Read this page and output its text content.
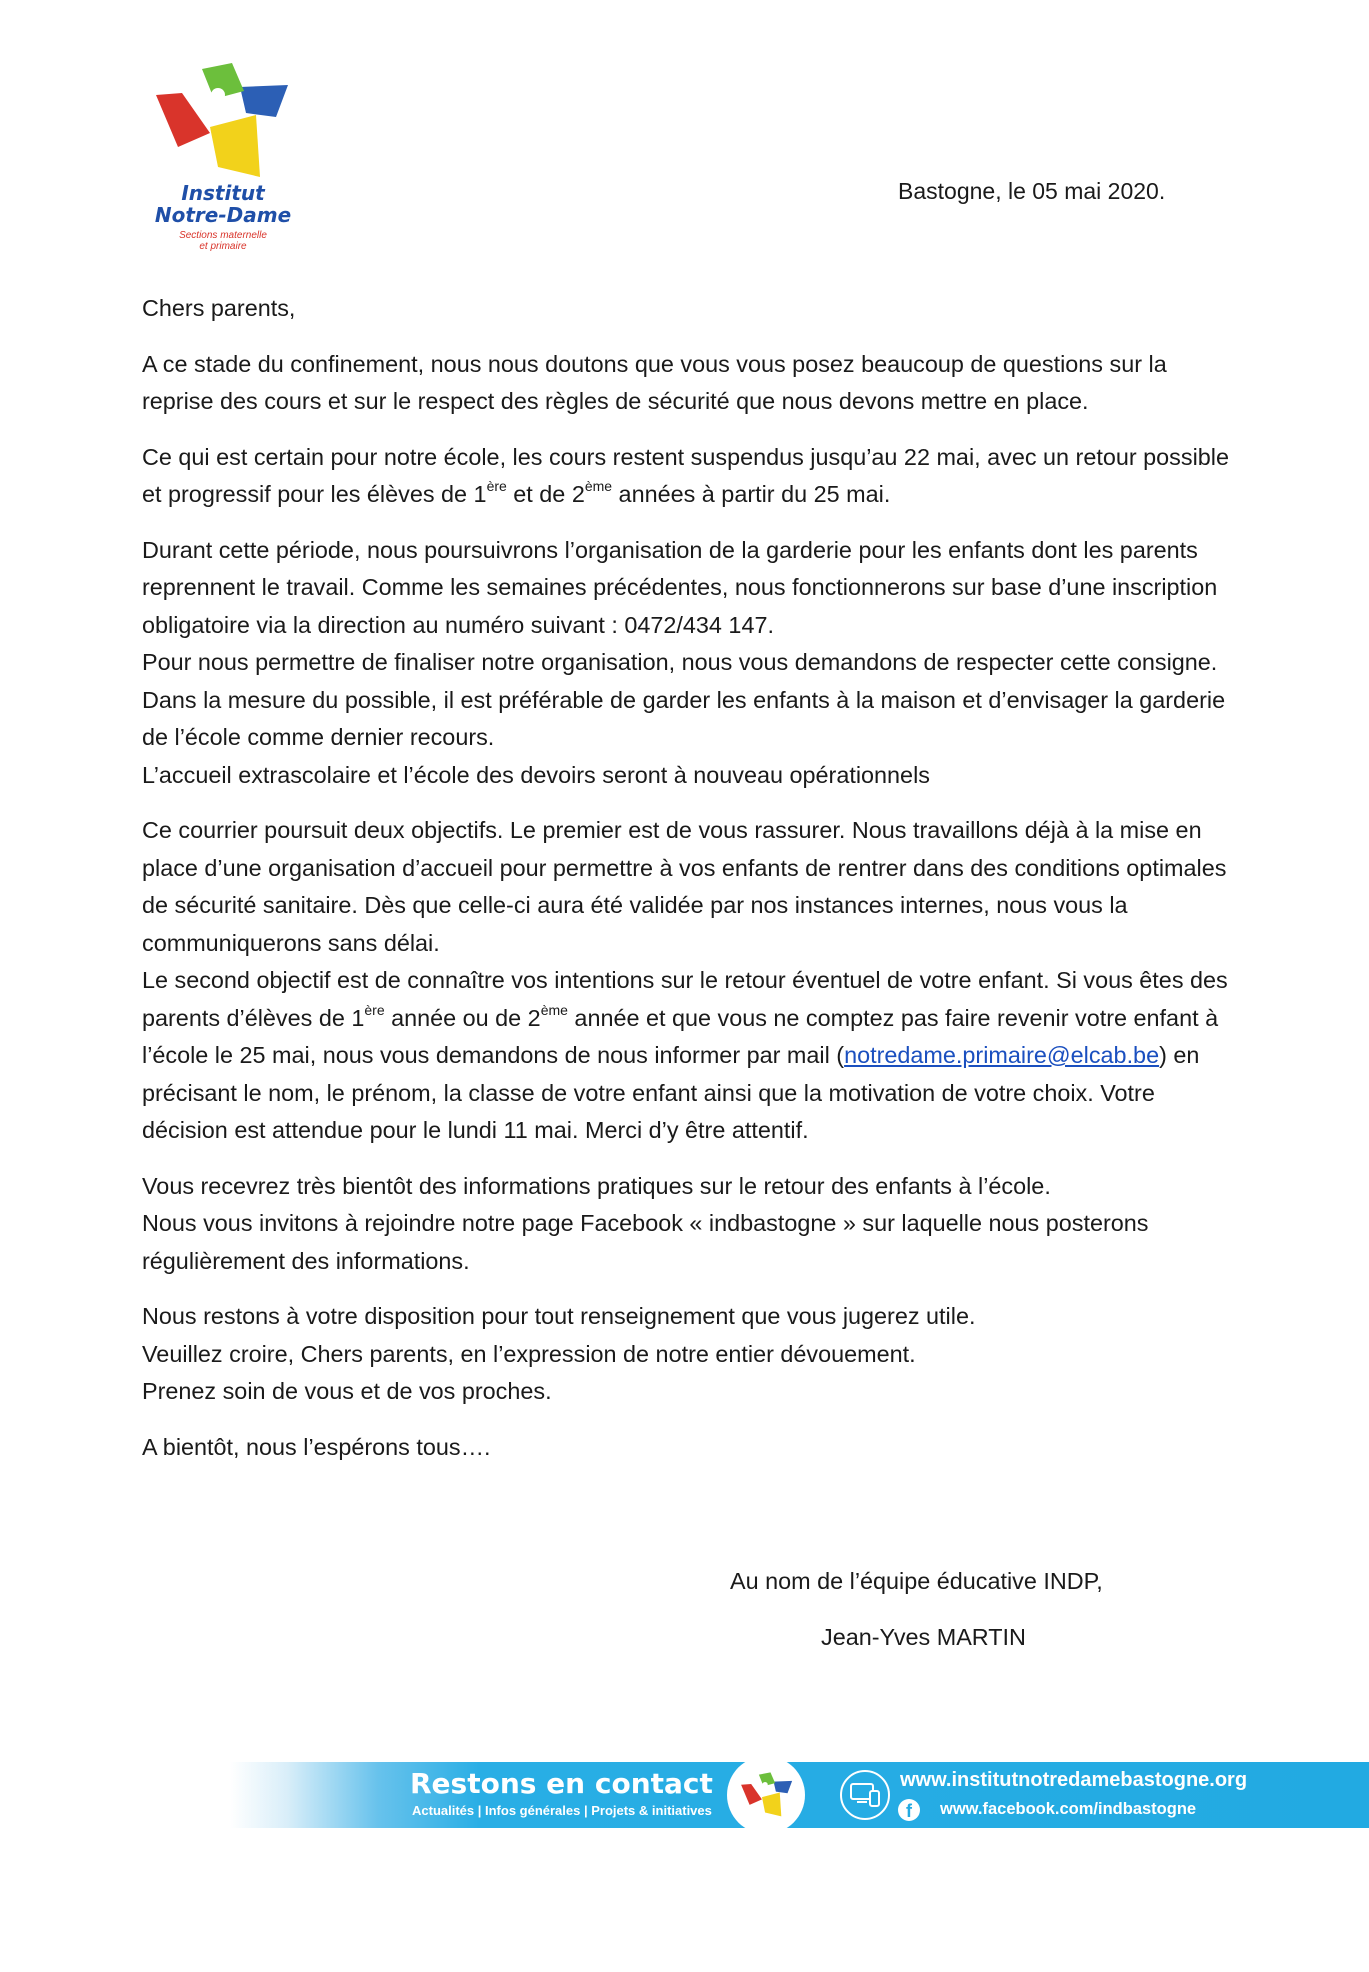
Institut
Notre-Dame
Sections maternelle
et primaire
Bastogne, le 05 mai 2020.

Chers parents,

A ce stade du confinement, nous nous doutons que vous vous posez beaucoup de questions sur la reprise des cours et sur le respect des règles de sécurité que nous devons mettre en place.

Ce qui est certain pour notre école, les cours restent suspendus jusqu’au 22 mai, avec un retour possible et progressif pour les élèves de 1ère et de 2ème années à partir du 25 mai.

Durant cette période, nous poursuivrons l’organisation de la garderie pour les enfants dont les parents reprennent le travail. Comme les semaines précédentes, nous fonctionnerons sur base d’une inscription obligatoire via la direction au numéro suivant : 0472/434 147.

Pour nous permettre de finaliser notre organisation, nous vous demandons de respecter cette consigne. Dans la mesure du possible, il est préférable de garder les enfants à la maison et d’envisager la garderie de l’école comme dernier recours.

L’accueil extrascolaire et l’école des devoirs seront à nouveau opérationnels

Ce courrier poursuit deux objectifs. Le premier est de vous rassurer. Nous travaillons déjà à la mise en place d’une organisation d’accueil pour permettre à vos enfants de rentrer dans des conditions optimales de sécurité sanitaire. Dès que celle-ci aura été validée par nos instances internes, nous vous la communiquerons sans délai.

Le second objectif est de connaître vos intentions sur le retour éventuel de votre enfant. Si vous êtes des parents d’élèves de 1ère année ou de 2ème année et que vous ne comptez pas faire revenir votre enfant à l’école le 25 mai, nous vous demandons de nous informer par mail (notredame.primaire@elcab.be) en précisant le nom, le prénom, la classe de votre enfant ainsi que la motivation de votre choix. Votre décision est attendue pour le lundi 11 mai. Merci d’y être attentif.

Vous recevrez très bientôt des informations pratiques sur le retour des enfants à l’école.

Nous vous invitons à rejoindre notre page Facebook « indbastogne » sur laquelle nous posterons régulièrement des informations.

Nous restons à votre disposition pour tout renseignement que vous jugerez utile.

Veuillez croire, Chers parents, en l’expression de notre entier dévouement.

Prenez soin de vous et de vos proches.

A bientôt, nous l’espérons tous….

Au nom de l’équipe éducative INDP,
Jean-Yves MARTIN
Restons en contact
Actualités | Infos générales | Projets & initiatives
www.institutnotredamebastogne.org
f	www.facebook.com/indbastogne
